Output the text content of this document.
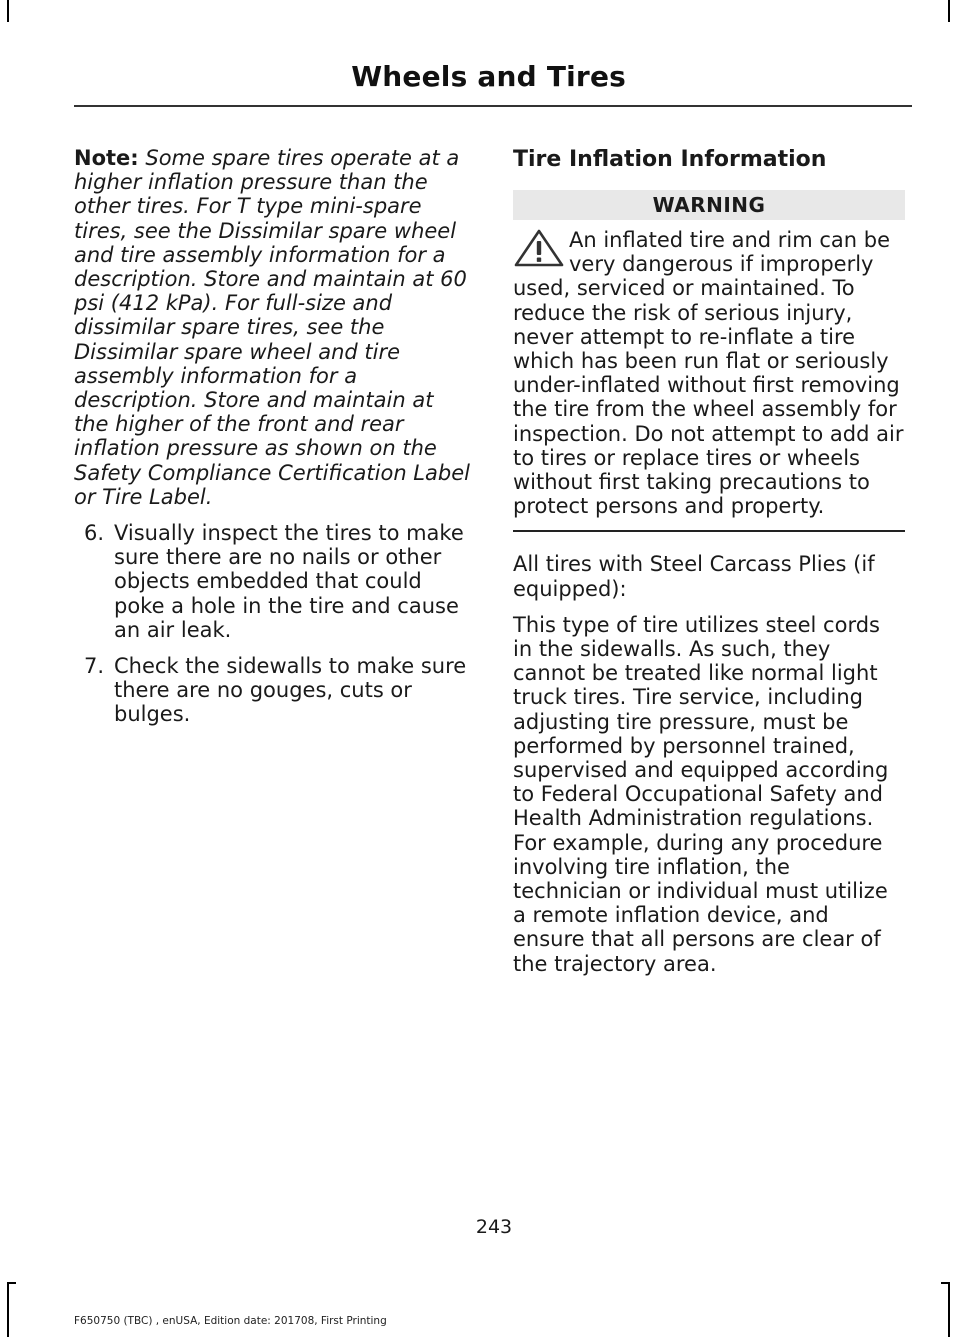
Wheels and Tires

Note: Some spare tires operate at a higher inflation pressure than the other tires. For T type mini-spare tires, see the Dissimilar spare wheel and tire assembly information for a description. Store and maintain at 60 psi (412 kPa). For full-size and dissimilar spare tires, see the Dissimilar spare wheel and tire assembly information for a description. Store and maintain at the higher of the front and rear inflation pressure as shown on the Safety Compliance Certification Label or Tire Label.

6. Visually inspect the tires to make sure there are no nails or other objects embedded that could poke a hole in the tire and cause an air leak.
7. Check the sidewalls to make sure there are no gouges, cuts or bulges.
Tire Inflation Information
WARNING

An inflated tire and rim can be very dangerous if improperly used, serviced or maintained. To reduce the risk of serious injury, never attempt to re-inflate a tire which has been run flat or seriously under-inflated without first removing the tire from the wheel assembly for inspection. Do not attempt to add air to tires or replace tires or wheels without first taking precautions to protect persons and property.

All tires with Steel Carcass Plies (if equipped):

This type of tire utilizes steel cords in the sidewalls. As such, they cannot be treated like normal light truck tires. Tire service, including adjusting tire pressure, must be performed by personnel trained, supervised and equipped according to Federal Occupational Safety and Health Administration regulations. For example, during any procedure involving tire inflation, the technician or individual must utilize a remote inflation device, and ensure that all persons are clear of the trajectory area.

243
F650750 (TBC) , enUSA, Edition date: 201708, First Printing
